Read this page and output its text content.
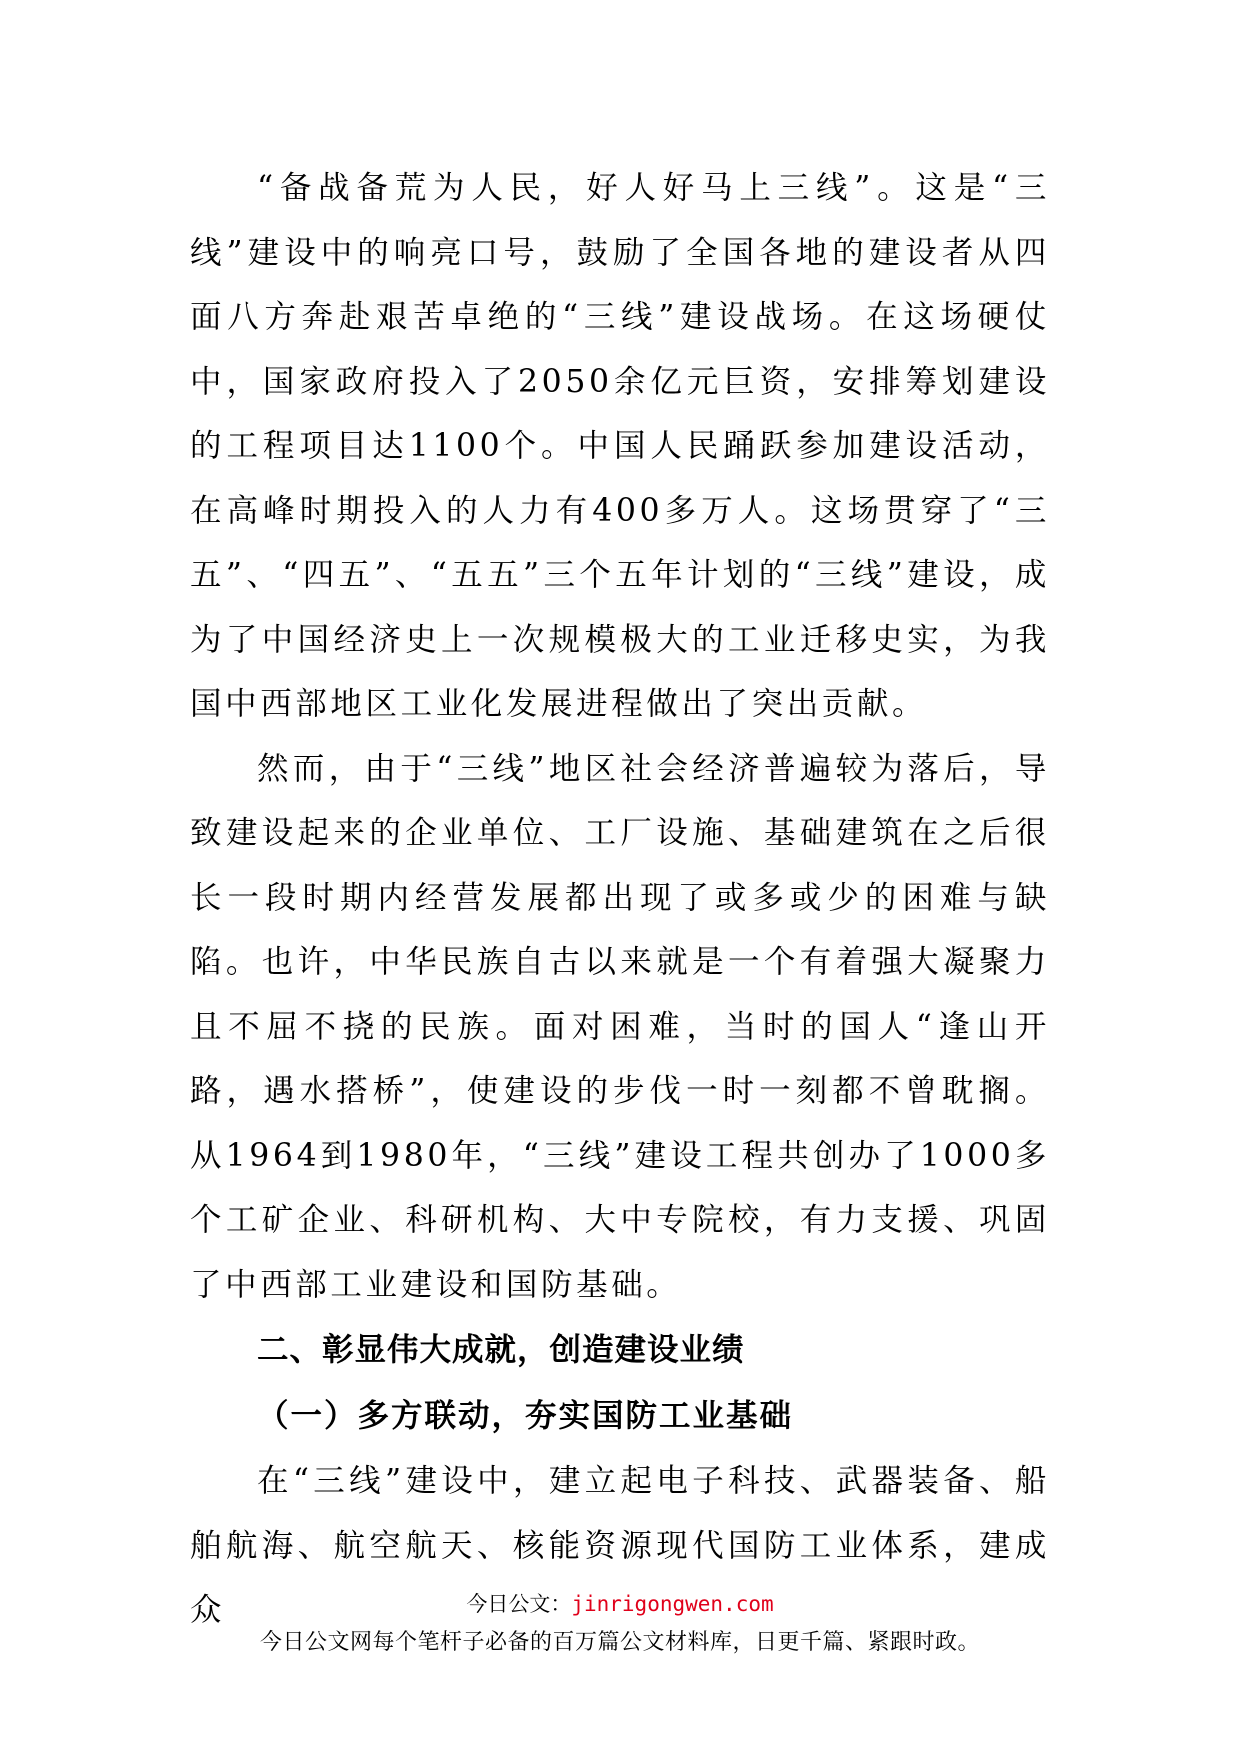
“备战备荒为人民，好人好马上三线”。这是“三线”建设中的响亮口号，鼓励了全国各地的建设者从四面八方奔赴艰苦卓绝的“三线”建设战场。在这场硬仗中，国家政府投入了2050余亿元巨资，安排筹划建设的工程项目达1100个。中国人民踊跃参加建设活动，在高峰时期投入的人力有400多万人。这场贯穿了“三五”、“四五”、“五五”三个五年计划的“三线”建设，成为了中国经济史上一次规模极大的工业迁移史实，为我国中西部地区工业化发展进程做出了突出贡献。

然而，由于“三线”地区社会经济普遍较为落后，导致建设起来的企业单位、工厂设施、基础建筑在之后很长一段时期内经营发展都出现了或多或少的困难与缺陷。也许，中华民族自古以来就是一个有着强大凝聚力且不屈不挠的民族。面对困难，当时的国人“逢山开路，遇水搭桥”，使建设的步伐一时一刻都不曾耽搁。从1964到1980年，“三线”建设工程共创办了1000多个工矿企业、科研机构、大中专院校，有力支援、巩固了中西部工业建设和国防基础。

二、彰显伟大成就，创造建设业绩

（一）多方联动，夯实国防工业基础

在“三线”建设中，建立起电子科技、武器装备、船舶航海、航空航天、核能资源现代国防工业体系，建成众	今日公文：jinrigongwen.com
今日公文网每个笔杆子必备的百万篇公文材料库，日更千篇、紧跟时政。
